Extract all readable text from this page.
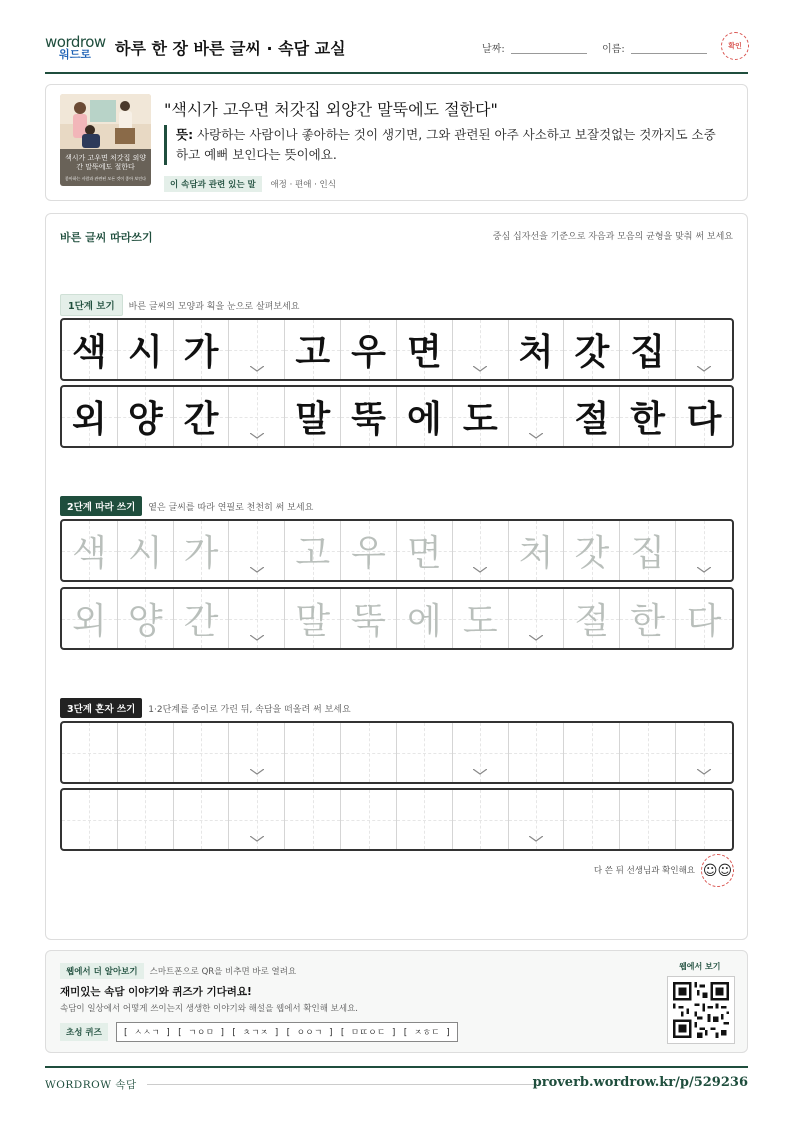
wordrow
워드로 하루 한 장 바른 글씨 · 속담 교실	날짜:	이름:	확인
색시가 고우면 처갓집 외양간 말뚝에도 절한다
좋아하는 사람과 관련된 모든 것이 좋아 보인다
"색시가 고우면 처갓집 외양간 말뚝에도 절한다"
뜻: 사랑하는 사람이나 좋아하는 것이 생기면, 그와 관련된 아주 사소하고 보잘것없는 것까지도 소중하고 예뻐 보인다는 뜻이에요.
이 속담과 관련 있는 말 애정 · 편애 · 인식
바른 글씨 따라쓰기	중심 십자선을 기준으로 자음과 모음의 균형을 맞춰 써 보세요
1단계 보기 바른 글씨의 모양과 획을 눈으로 살펴보세요
색 시 가 고 우 면 처 갓 집
외 양 간 말 뚝 에 도 절 한 다
2단계 따라 쓰기 옅은 글씨를 따라 연필로 천천히 써 보세요
색 시 가 고 우 면 처 갓 집
외 양 간 말 뚝 에 도 절 한 다
3단계 혼자 쓰기 1·2단계를 종이로 가린 뒤, 속담을 떠올려 써 보세요
다 쓴 뒤 선생님과 확인해요 ☺☺
웹에서 더 알아보기 스마트폰으로 QR을 비추면 바로 열려요
재미있는 속담 이야기와 퀴즈가 기다려요!
속담이 일상에서 어떻게 쓰이는지 생생한 이야기와 해설을 웹에서 확인해 보세요.
초성 퀴즈 [ ㅅㅅㄱ ] [ ㄱㅇㅁ ] [ ㅊㄱㅈ ] [ ㅇㅇㄱ ] [ ㅁㄸㅇㄷ ] [ ㅈㅎㄷ ]
웹에서 보기
WORDROW 속담	proverb.wordrow.kr/p/529236
